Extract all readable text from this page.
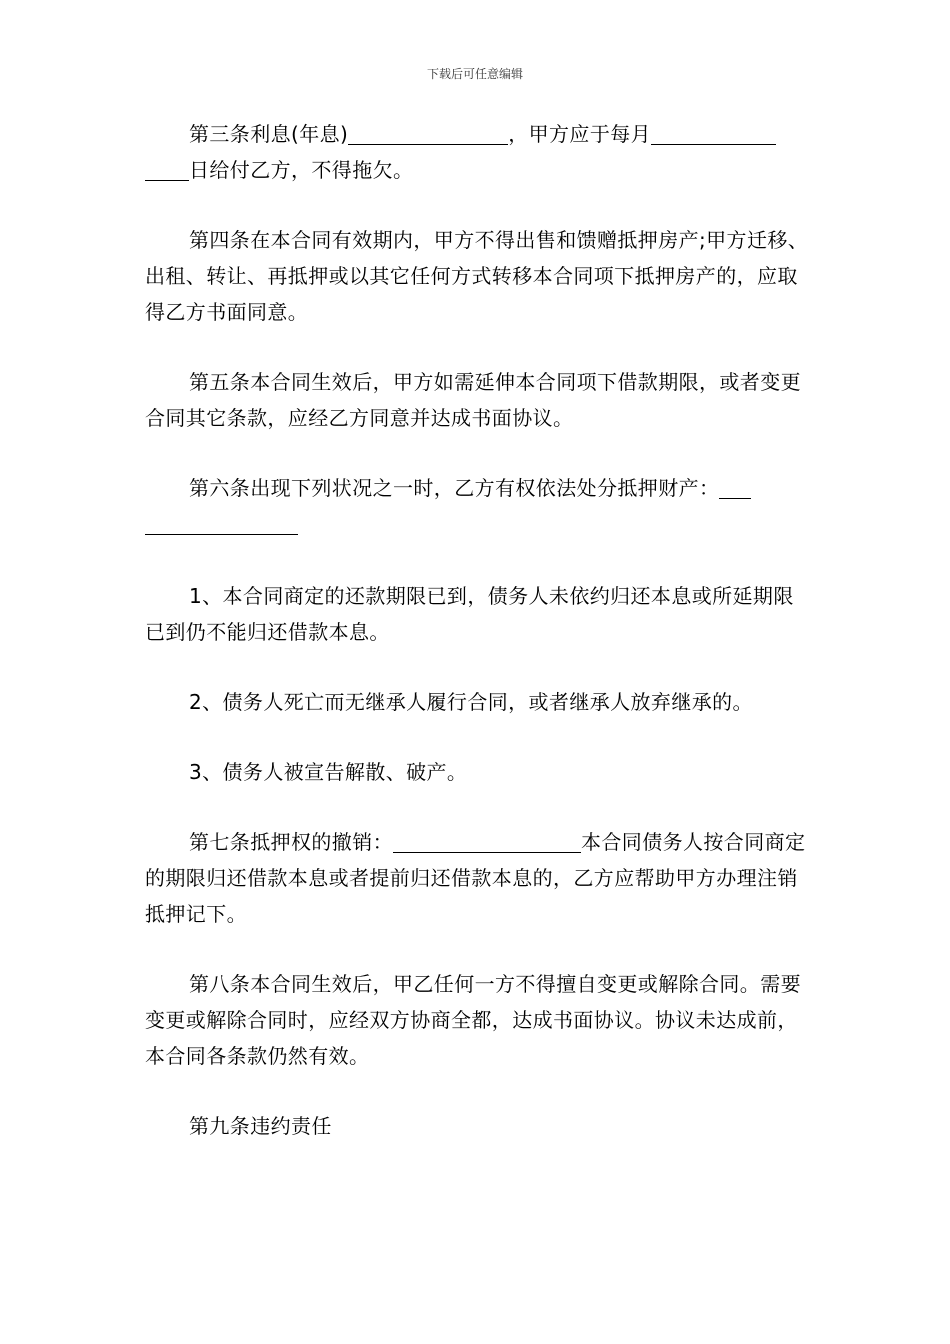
下载后可任意编辑

第三条利息(年息)	，甲方应于每月
日给付乙方，不得拖欠。

第四条在本合同有效期内，甲方不得出售和馈赠抵押房产;甲方迁移、出租、转让、再抵押或以其它任何方式转移本合同项下抵押房产的，应取得乙方书面同意。

第五条本合同生效后，甲方如需延伸本合同项下借款期限，或者变更合同其它条款，应经乙方同意并达成书面协议。

第六条出现下列状况之一时，乙方有权依法处分抵押财产：

1、本合同商定的还款期限已到，债务人未依约归还本息或所延期限已到仍不能归还借款本息。

2、债务人死亡而无继承人履行合同，或者继承人放弃继承的。

3、债务人被宣告解散、破产。

第七条抵押权的撤销：	本合同债务人按合同商定的期限归还借款本息或者提前归还借款本息的，乙方应帮助甲方办理注销抵押记下。

第八条本合同生效后，甲乙任何一方不得擅自变更或解除合同。需要变更或解除合同时，应经双方协商全都，达成书面协议。协议未达成前，本合同各条款仍然有效。

第九条违约责任
